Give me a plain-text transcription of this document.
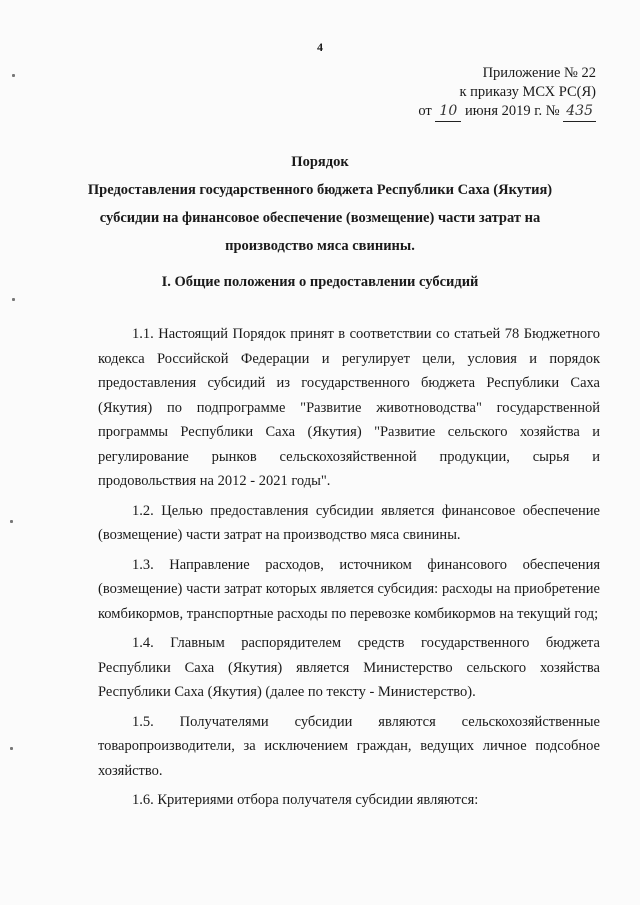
4
Приложение № 22
к приказу МСХ РС(Я)
от 10 июня 2019 г. № 435
Порядок
Предоставления государственного бюджета Республики Саха (Якутия)
субсидии на финансовое обеспечение (возмещение) части затрат на
производство мяса свинины.
I. Общие положения о предоставлении субсидий

1.1. Настоящий Порядок принят в соответствии со статьей 78 Бюджетного кодекса Российской Федерации и регулирует цели, условия и порядок предоставления субсидий из государственного бюджета Республики Саха (Якутия) по подпрограмме "Развитие животноводства" государственной программы Республики Саха (Якутия) "Развитие сельского хозяйства и регулирование рынков сельскохозяйственной продукции, сырья и продовольствия на 2012 - 2021 годы".

1.2. Целью предоставления субсидии является финансовое обеспечение (возмещение) части затрат на производство мяса свинины.

1.3. Направление расходов, источником финансового обеспечения (возмещение) части затрат которых является субсидия: расходы на приобретение комбикормов, транспортные расходы по перевозке комбикормов на текущий год;

1.4. Главным распорядителем средств государственного бюджета Республики Саха (Якутия) является Министерство сельского хозяйства Республики Саха (Якутия) (далее по тексту - Министерство).

1.5. Получателями субсидии являются сельскохозяйственные товаропроизводители, за исключением граждан, ведущих личное подсобное хозяйство.

1.6. Критериями отбора получателя субсидии являются:
